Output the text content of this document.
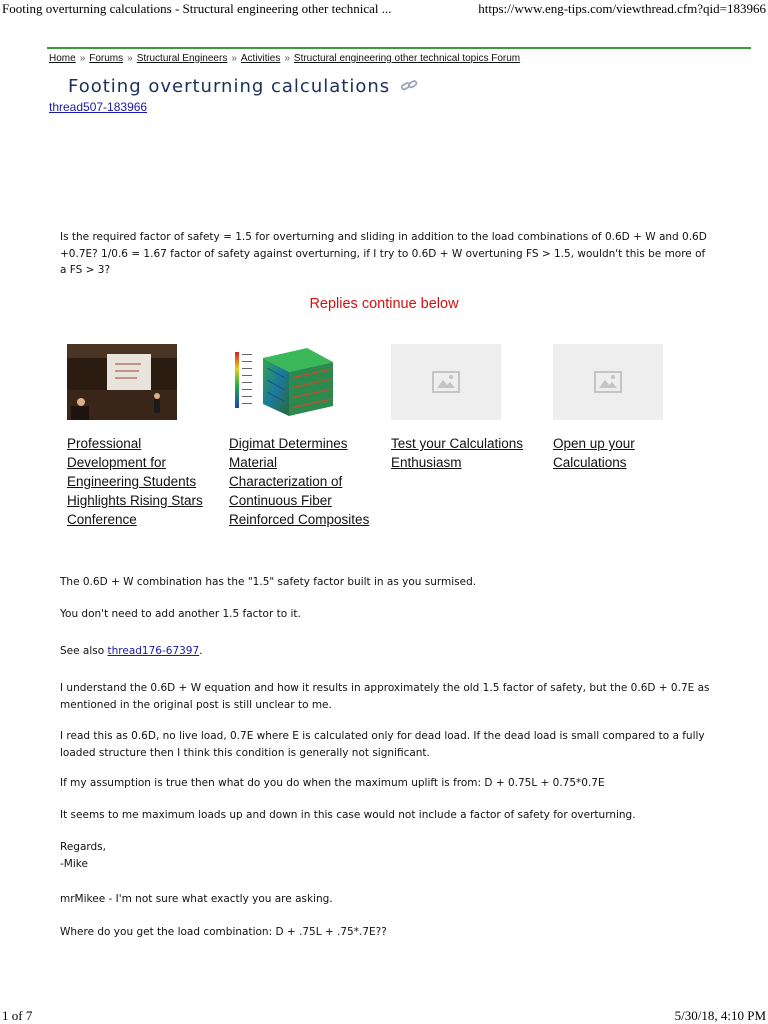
Footing overturning calculations - Structural engineering other technical ...	https://www.eng-tips.com/viewthread.cfm?qid=183966
Home » Forums » Structural Engineers » Activities » Structural engineering other technical topics Forum
Footing overturning calculations
thread507-183966

Is the required factor of safety = 1.5 for overturning and sliding in addition to the load combinations of 0.6D + W and 0.6D +0.7E? 1/0.6 = 1.67 factor of safety against overturning, if I try to 0.6D + W overtuning FS > 1.5, wouldn't this be more of a FS > 3?

Replies continue below
Professional Development for Engineering Students Highlights Rising Stars Conference
Digimat Determines Material Characterization of Continuous Fiber Reinforced Composites
Test your Calculations Enthusiasm
Open up your Calculations

The 0.6D + W combination has the "1.5" safety factor built in as you surmised.

You don't need to add another 1.5 factor to it.

See also thread176-67397.

I understand the 0.6D + W equation and how it results in approximately the old 1.5 factor of safety, but the 0.6D + 0.7E as mentioned in the original post is still unclear to me.

I read this as 0.6D, no live load, 0.7E where E is calculated only for dead load. If the dead load is small compared to a fully loaded structure then I think this condition is generally not significant.

If my assumption is true then what do you do when the maximum uplift is from: D + 0.75L + 0.75*0.7E

It seems to me maximum loads up and down in this case would not include a factor of safety for overturning.

Regards,
-Mike

mrMikee - I'm not sure what exactly you are asking.

Where do you get the load combination: D + .75L + .75*.7E??

1 of 7	5/30/18, 4:10 PM
